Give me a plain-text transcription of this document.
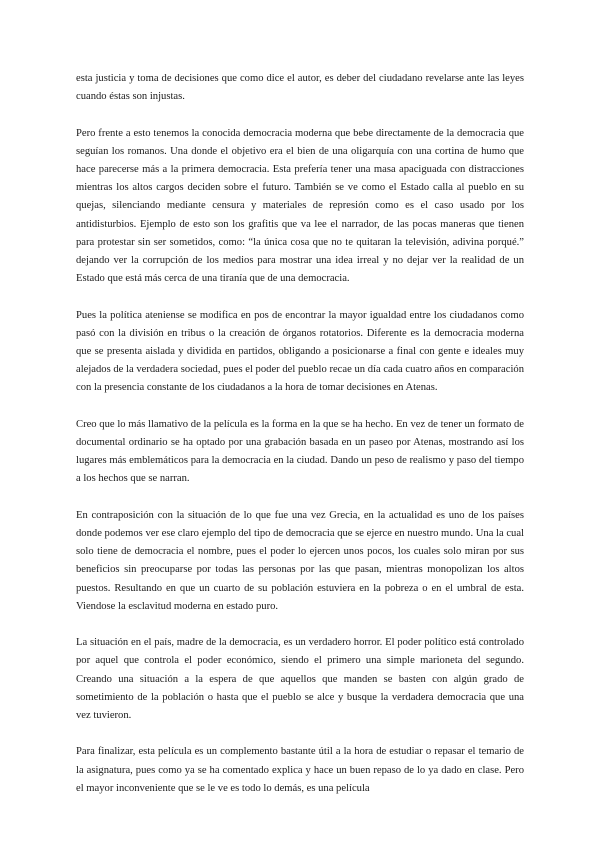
esta justicia y toma de decisiones que como dice el autor, es deber del ciudadano revelarse ante las leyes cuando éstas son injustas.

Pero frente a esto tenemos la conocida democracia moderna que bebe directamente de la democracia que seguían los romanos. Una donde el objetivo era el bien de una oligarquía con una cortina de humo que hace parecerse más a la primera democracia. Esta prefería tener una masa apaciguada con distracciones mientras los altos cargos deciden sobre el futuro. También se ve como el Estado calla al pueblo en su quejas, silenciando mediante censura y materiales de represión como es el caso usado por los antidisturbios. Ejemplo de esto son los grafitis que va lee el narrador, de las pocas maneras que tienen para protestar sin ser sometidos, como: “la única cosa que no te quitaran la televisión, adivina porqué.” dejando ver la corrupción de los medios para mostrar una idea irreal y no dejar ver la realidad de un Estado que está más cerca de una tiranía que de una democracia.

Pues la política ateniense se modifica en pos de encontrar la mayor igualdad entre los ciudadanos como pasó con la división en tribus o la creación de órganos rotatorios. Diferente es la democracia moderna que se presenta aislada y dividida en partidos, obligando a posicionarse a final con gente e ideales muy alejados de la verdadera sociedad, pues el poder del pueblo recae un día cada cuatro años en comparación con la presencia constante de los ciudadanos a la hora de tomar decisiones en Atenas.

Creo que lo más llamativo de la película es la forma en la que se ha hecho. En vez de tener un formato de documental ordinario se ha optado por una grabación basada en un paseo por Atenas, mostrando así los lugares más emblemáticos para la democracia en la ciudad. Dando un peso de realismo y paso del tiempo a los hechos que se narran.

En contraposición con la situación de lo que fue una vez Grecia, en la actualidad es uno de los países donde podemos ver ese claro ejemplo del tipo de democracia que se ejerce en nuestro mundo. Una la cual solo tiene de democracia el nombre, pues el poder lo ejercen unos pocos, los cuales solo miran por sus beneficios sin preocuparse por todas las personas por las que pasan, mientras monopolizan los altos puestos. Resultando en que un cuarto de su población estuviera en la pobreza o en el umbral de esta. Viendose la esclavitud moderna en estado puro.

La situación en el país, madre de la democracia, es un verdadero horror. El poder político está controlado por aquel que controla el poder económico, siendo el primero una simple marioneta del segundo. Creando una situación a la espera de que aquellos que manden se basten con algún grado de sometimiento de la población o hasta que el pueblo se alce y busque la verdadera democracia que una vez tuvieron.

Para finalizar, esta película es un complemento bastante útil a la hora de estudiar o repasar el temario de la asignatura, pues como ya se ha comentado explica y hace un buen repaso de lo ya dado en clase. Pero el mayor inconveniente que se le ve es todo lo demás, es una película
